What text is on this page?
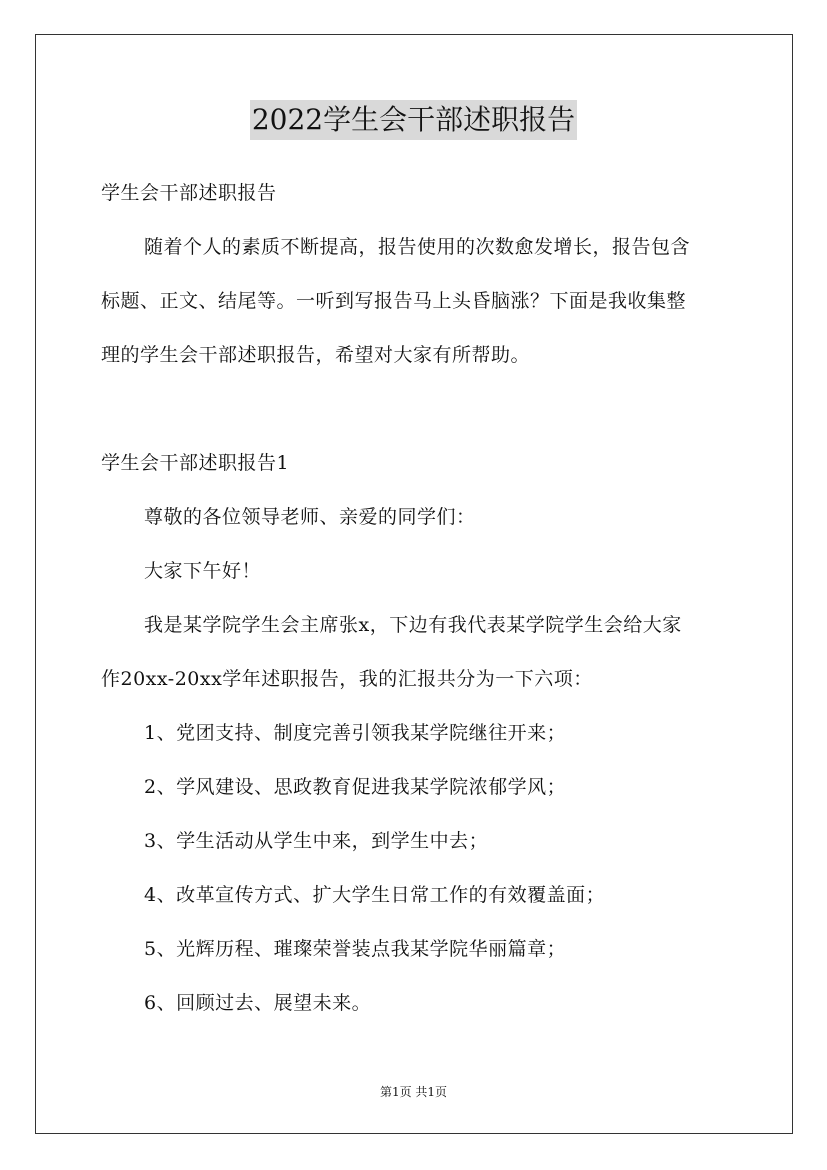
2022学生会干部述职报告
学生会干部述职报告
随着个人的素质不断提高，报告使用的次数愈发增长，报告包含
标题、正文、结尾等。一听到写报告马上头昏脑涨？下面是我收集整
理的学生会干部述职报告，希望对大家有所帮助。
学生会干部述职报告1
尊敬的各位领导老师、亲爱的同学们：
大家下午好！
我是某学院学生会主席张x，下边有我代表某学院学生会给大家
作20xx-20xx学年述职报告，我的汇报共分为一下六项：
1、党团支持、制度完善引领我某学院继往开来；
2、学风建设、思政教育促进我某学院浓郁学风；
3、学生活动从学生中来，到学生中去；
4、改革宣传方式、扩大学生日常工作的有效覆盖面；
5、光辉历程、璀璨荣誉装点我某学院华丽篇章；
6、回顾过去、展望未来。
第1页 共1页
